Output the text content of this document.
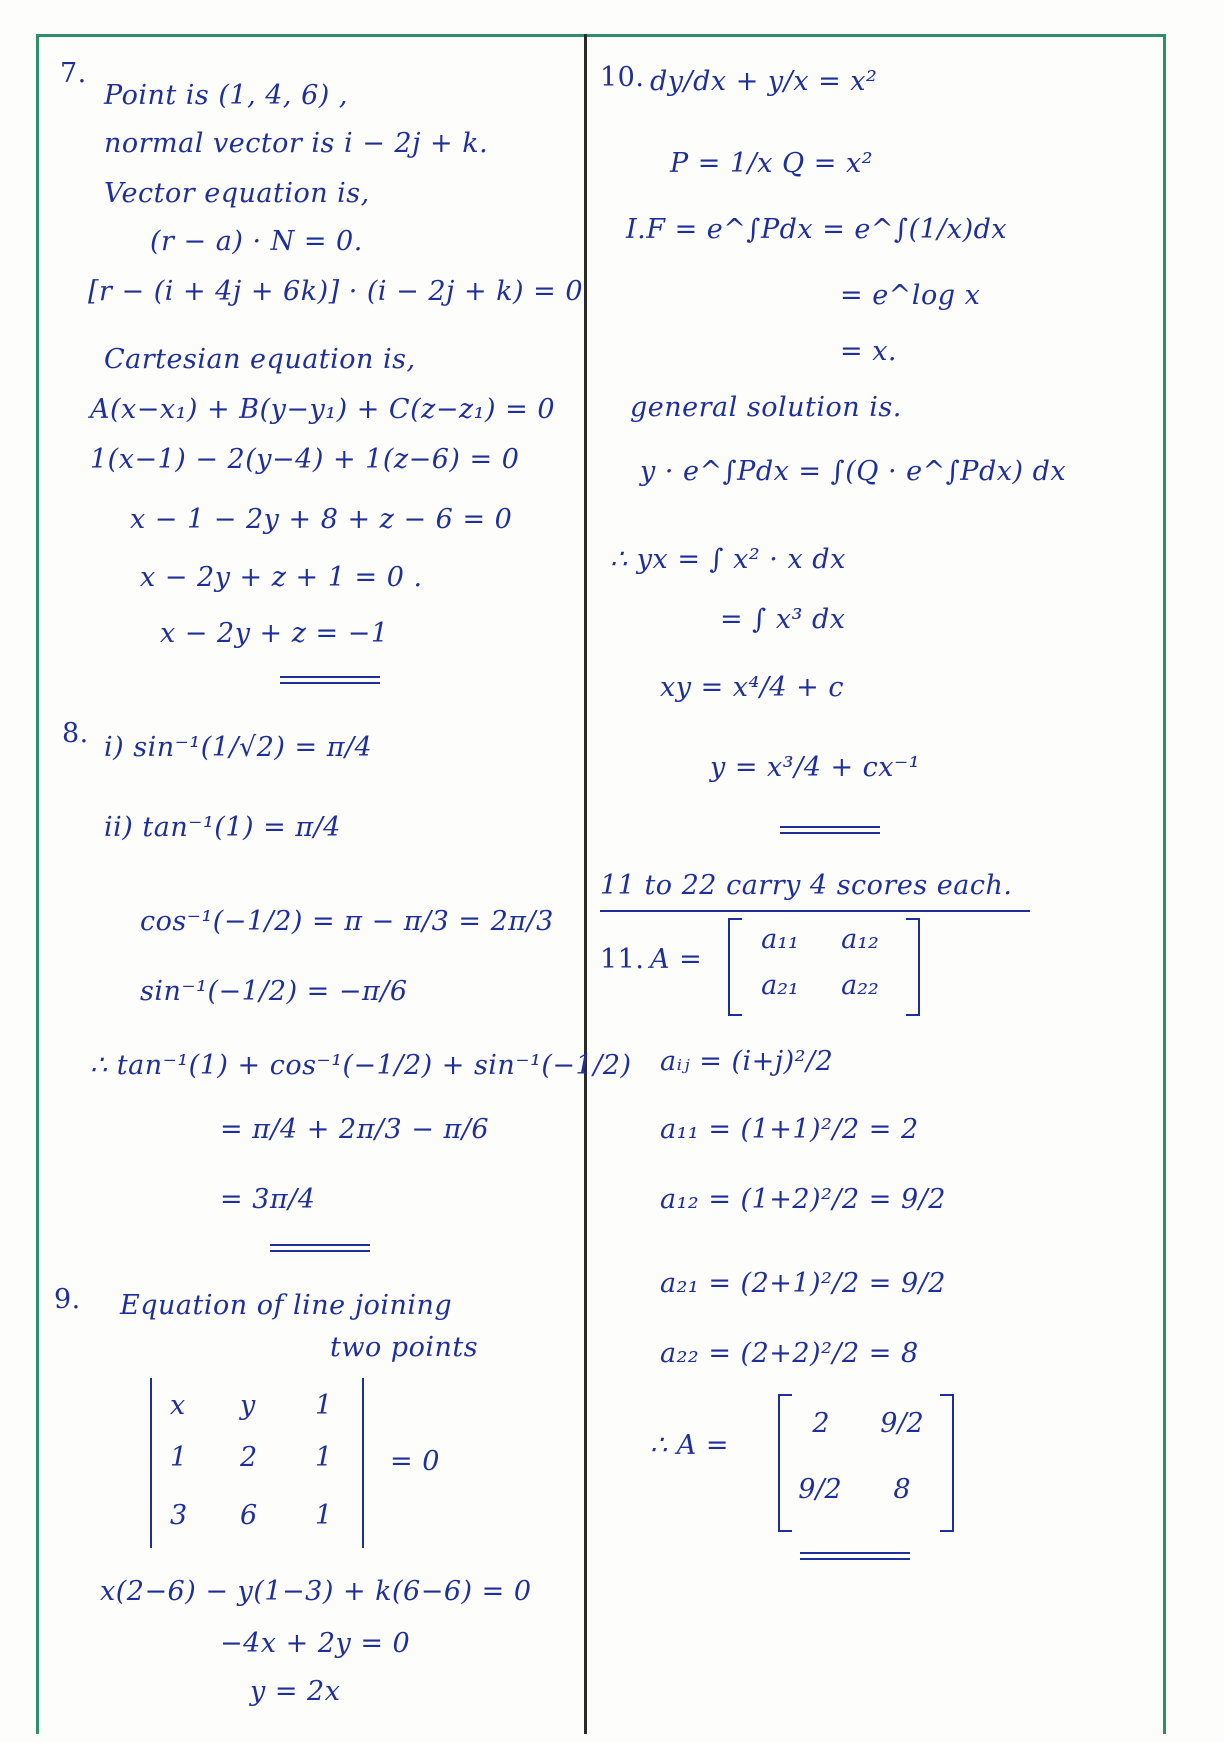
7.
Point is (1, 4, 6) ,
normal vector is i − 2j + k.
Vector equation is,
(r − a) · N = 0.
[r − (i + 4j + 6k)] · (i − 2j + k) = 0
Cartesian equation is,
A(x−x₁) + B(y−y₁) + C(z−z₁) = 0
1(x−1) − 2(y−4) + 1(z−6) = 0
x − 1 − 2y + 8 + z − 6 = 0
x − 2y + z + 1 = 0 .
x − 2y + z = −1
8. i) sin⁻¹(1/√2) = π/4
ii) tan⁻¹(1) = π/4
cos⁻¹(−1/2) = π − π/3 = 2π/3
sin⁻¹(−1/2) = −π/6
∴ tan⁻¹(1) + cos⁻¹(−1/2) + sin⁻¹(−1/2)
= π/4 + 2π/3 − π/6
= 3π/4
9. Equation of line joining
two points
x y 1
1 2 1
3 6 1
= 0
x(2−6) − y(1−3) + k(6−6) = 0
−4x + 2y = 0
y = 2x
10. dy/dx + y/x = x²
P = 1/x Q = x²
I.F = e^∫Pdx = e^∫(1/x)dx
= e^log x
= x.
general solution is.
y · e^∫Pdx = ∫(Q · e^∫Pdx) dx
∴ yx = ∫ x² · x dx
= ∫ x³ dx
xy = x⁴/4 + c
y = x³/4 + cx⁻¹
11 to 22 carry 4 scores each.
11. A =
a₁₁	a₁₂
a₂₁	a₂₂
aᵢⱼ = (i+j)²/2
a₁₁ = (1+1)²/2 = 2
a₁₂ = (1+2)²/2 = 9/2
a₂₁ = (2+1)²/2 = 9/2
a₂₂ = (2+2)²/2 = 8
∴ A =
2	9/2
9/2	8
